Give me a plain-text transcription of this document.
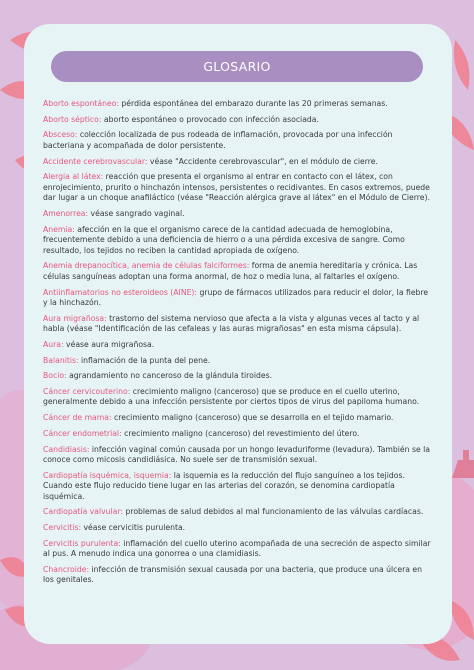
GLOSARIO

Aborto espontáneo: pérdida espontánea del embarazo durante las 20 primeras semanas.

Aborto séptico: aborto espontáneo o provocado con infección asociada.

Absceso: colección localizada de pus rodeada de inflamación, provocada por una infección bacteriana y acompañada de dolor persistente.

Accidente cerebrovascular: véase "Accidente cerebrovascular", en el módulo de cierre.

Alergia al látex: reacción que presenta el organismo al entrar en contacto con el látex, con enrojecimiento, prurito o hinchazón intensos, persistentes o recidivantes. En casos extremos, puede dar lugar a un choque anafiláctico (véase "Reacción alérgica grave al látex" en el Módulo de Cierre).

Amenorrea: véase sangrado vaginal.

Anemia: afección en la que el organismo carece de la cantidad adecuada de hemoglobina, frecuentemente debido a una deficiencia de hierro o a una pérdida excesiva de sangre. Como resultado, los tejidos no reciben la cantidad apropiada de oxígeno.

Anemia drepanocítica, anemia de células falciformes: forma de anemia hereditaria y crónica. Las células sanguíneas adoptan una forma anormal, de hoz o media luna, al faltarles el oxígeno.

Antiinflamatorios no esteroideos (AINE): grupo de fármacos utilizados para reducir el dolor, la fiebre y la hinchazón.

Aura migrañosa: trastorno del sistema nervioso que afecta a la vista y algunas veces al tacto y al habla (véase "Identificación de las cefaleas y las auras migrañosas" en esta misma cápsula).

Aura: véase aura migrañosa.

Balanitis: inflamación de la punta del pene.

Bocio: agrandamiento no canceroso de la glándula tiroides.

Cáncer cervicouterino: crecimiento maligno (canceroso) que se produce en el cuello uterino, generalmente debido a una infección persistente por ciertos tipos de virus del papiloma humano.

Cáncer de mama: crecimiento maligno (canceroso) que se desarrolla en el tejido mamario.

Cáncer endometrial: crecimiento maligno (canceroso) del revestimiento del útero.

Candidiasis: infección vaginal común causada por un hongo levaduriforme (levadura). También se la conoce como micosis candidiásica. No suele ser de transmisión sexual.

Cardiopatía isquémica, isquemia: la isquemia es la reducción del flujo sanguíneo a los tejidos. Cuando este flujo reducido tiene lugar en las arterias del corazón, se denomina cardiopatía isquémica.

Cardiopatía valvular: problemas de salud debidos al mal funcionamiento de las válvulas cardíacas.

Cervicitis: véase cervicitis purulenta.

Cervicitis purulenta: inflamación del cuello uterino acompañada de una secreción de aspecto similar al pus. A menudo indica una gonorrea o una clamidiasis.

Chancroide: infección de transmisión sexual causada por una bacteria, que produce una úlcera en los genitales.
